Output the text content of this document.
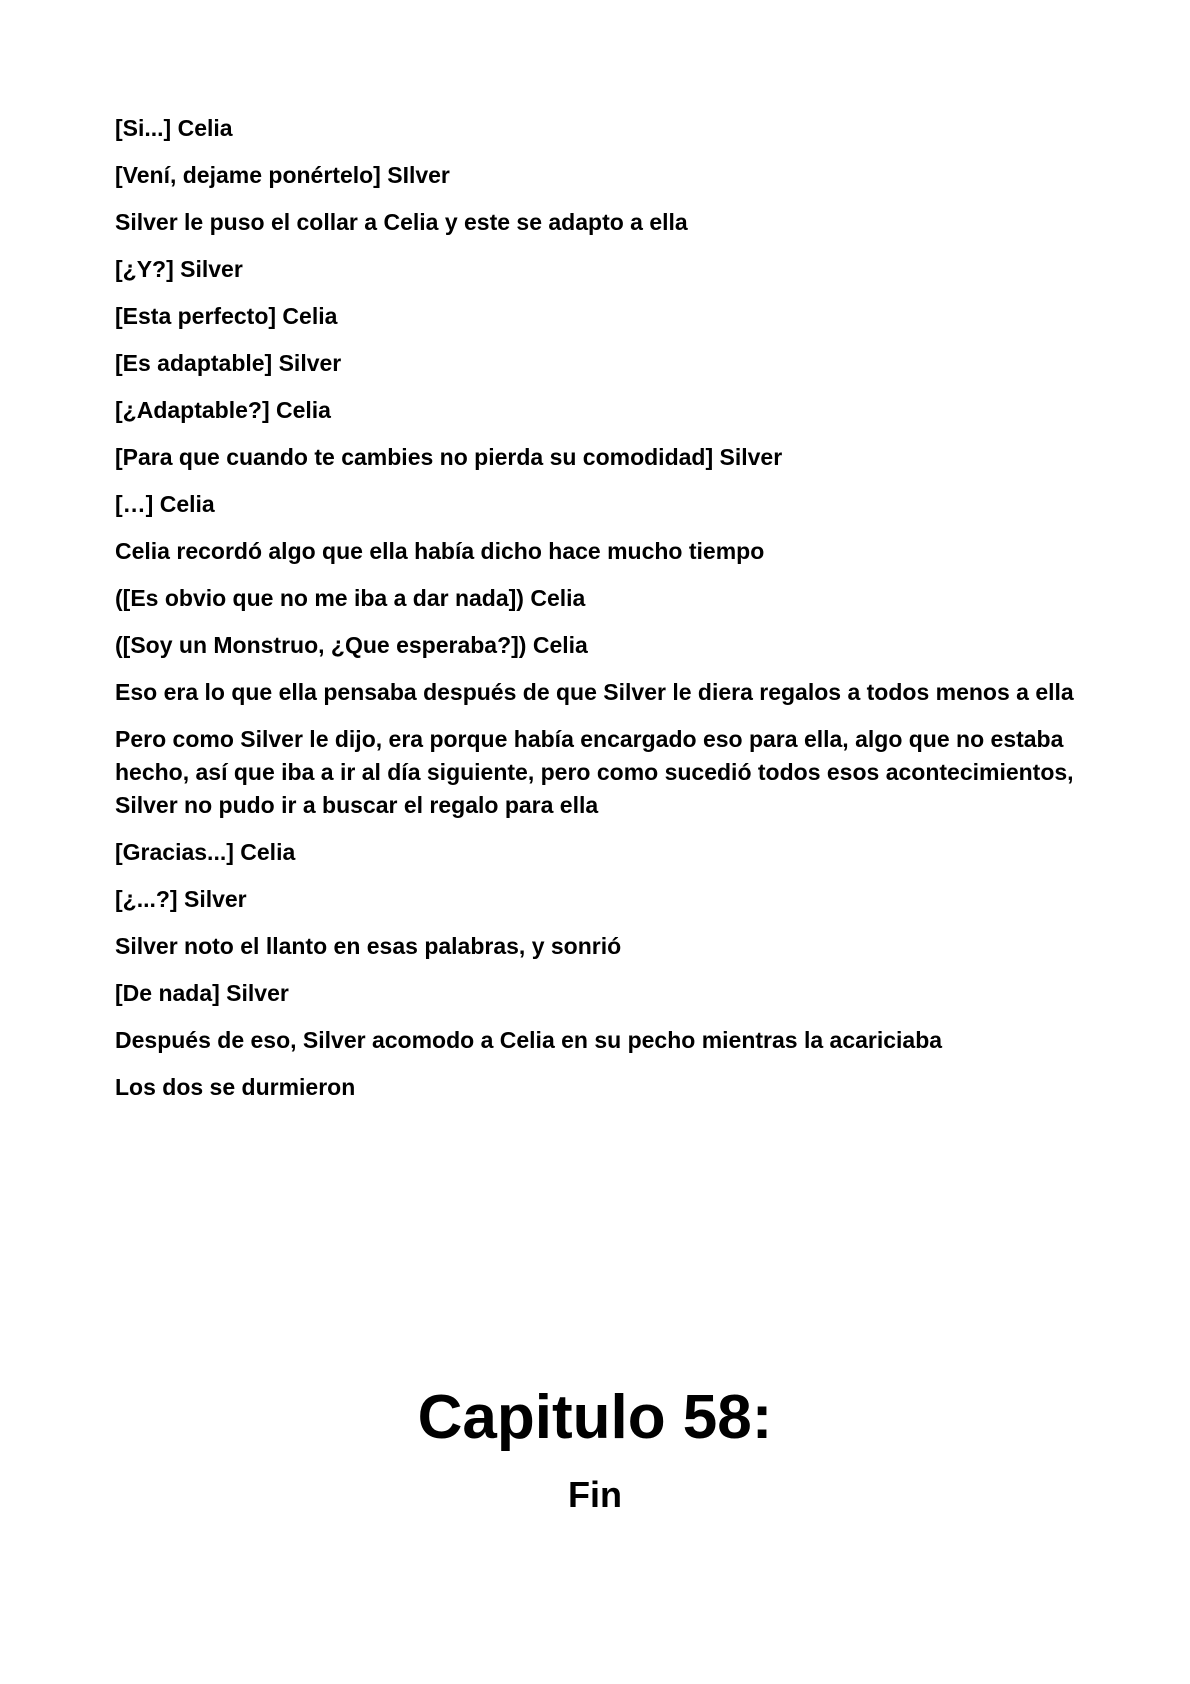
[Si...] Celia

[Vení, dejame ponértelo] SIlver

Silver le puso el collar a Celia y este se adapto a ella

[¿Y?] Silver

[Esta perfecto] Celia

[Es adaptable] Silver

[¿Adaptable?] Celia

[Para que cuando te cambies no pierda su comodidad] Silver

[…] Celia

Celia recordó algo que ella había dicho hace mucho tiempo

([Es obvio que no me iba a dar nada]) Celia

([Soy un Monstruo, ¿Que esperaba?]) Celia

Eso era lo que ella pensaba después de que Silver le diera regalos a todos menos a ella

Pero como Silver le dijo, era porque había encargado eso para ella, algo que no estaba hecho, así que iba a ir al día siguiente, pero como sucedió todos esos acontecimientos, Silver no pudo ir a buscar el regalo para ella

[Gracias...] Celia

[¿...?] Silver

Silver noto el llanto en esas palabras, y sonrió

[De nada] Silver

Después de eso, Silver acomodo a Celia en su pecho mientras la acariciaba

Los dos se durmieron

Capitulo 58:
Fin
